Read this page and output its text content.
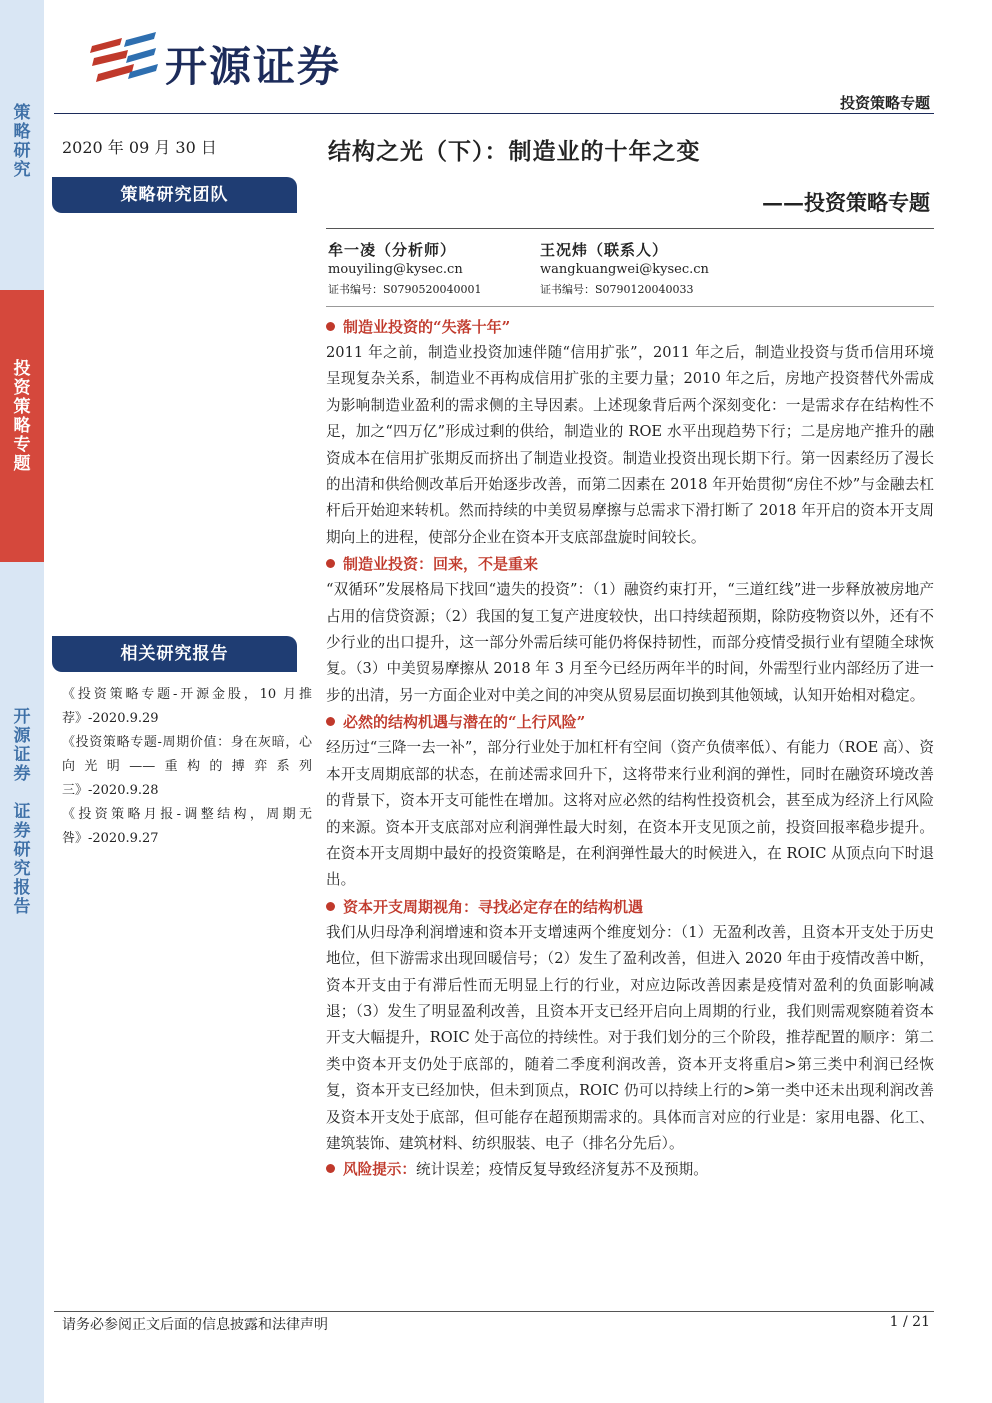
策
略
研
究
投
资
策
略
专
题
开
源
证
券

证
券
研
究
报
告
开源证券
投资策略专题
2020 年 09 月 30 日
策略研究团队
相关研究报告

《投资策略专题-开源金股，10 月推荐》-2020.9.29

《投资策略专题-周期价值：身在灰暗，心向光明——重构的搏弈系列三》-2020.9.28

《投资策略月报-调整结构，周期无咎》-2020.9.27

结构之光（下）：制造业的十年之变
——投资策略专题
牟一凌（分析师）
mouyiling@kysec.cn
证书编号：S0790520040001
王况炜（联系人）
wangkuangwei@kysec.cn
证书编号：S0790120040033
制造业投资的“失落十年”

2011 年之前，制造业投资加速伴随“信用扩张”，2011 年之后，制造业投资与货币信用环境呈现复杂关系，制造业不再构成信用扩张的主要力量；2010 年之后，房地产投资替代外需成为影响制造业盈利的需求侧的主导因素。上述现象背后两个深刻变化：一是需求存在结构性不足，加之“四万亿”形成过剩的供给，制造业的 ROE 水平出现趋势下行；二是房地产推升的融资成本在信用扩张期反而挤出了制造业投资。制造业投资出现长期下行。第一因素经历了漫长的出清和供给侧改革后开始逐步改善，而第二因素在 2018 年开始贯彻“房住不炒”与金融去杠杆后开始迎来转机。然而持续的中美贸易摩擦与总需求下滑打断了 2018 年开启的资本开支周期向上的进程，使部分企业在资本开支底部盘旋时间较长。

制造业投资：回来，不是重来

“双循环”发展格局下找回“遗失的投资”：（1）融资约束打开，“三道红线”进一步释放被房地产占用的信贷资源；（2）我国的复工复产进度较快，出口持续超预期，除防疫物资以外，还有不少行业的出口提升，这一部分外需后续可能仍将保持韧性，而部分疫情受损行业有望随全球恢复。（3）中美贸易摩擦从 2018 年 3 月至今已经历两年半的时间，外需型行业内部经历了进一步的出清，另一方面企业对中美之间的冲突从贸易层面切换到其他领域，认知开始相对稳定。

必然的结构机遇与潜在的“上行风险”

经历过“三降一去一补”，部分行业处于加杠杆有空间（资产负债率低）、有能力（ROE 高）、资本开支周期底部的状态，在前述需求回升下，这将带来行业利润的弹性，同时在融资环境改善的背景下，资本开支可能性在增加。这将对应必然的结构性投资机会，甚至成为经济上行风险的来源。资本开支底部对应利润弹性最大时刻，在资本开支见顶之前，投资回报率稳步提升。在资本开支周期中最好的投资策略是，在利润弹性最大的时候进入，在 ROIC 从顶点向下时退出。

资本开支周期视角：寻找必定存在的结构机遇

我们从归母净利润增速和资本开支增速两个维度划分：（1）无盈利改善，且资本开支处于历史地位，但下游需求出现回暖信号；（2）发生了盈利改善，但进入 2020 年由于疫情改善中断，资本开支由于有滞后性而无明显上行的行业，对应边际改善因素是疫情对盈利的负面影响减退；（3）发生了明显盈利改善，且资本开支已经开启向上周期的行业，我们则需观察随着资本开支大幅提升，ROIC 处于高位的持续性。对于我们划分的三个阶段，推荐配置的顺序：第二类中资本开支仍处于底部的，随着二季度利润改善，资本开支将重启>第三类中利润已经恢复，资本开支已经加快，但未到顶点，ROIC 仍可以持续上行的>第一类中还未出现利润改善及资本开支处于底部，但可能存在超预期需求的。具体而言对应的行业是：家用电器、化工、建筑装饰、建筑材料、纺织服装、电子（排名分先后）。

风险提示：统计误差；疫情反复导致经济复苏不及预期。

请务必参阅正文后面的信息披露和法律声明	1 / 21
